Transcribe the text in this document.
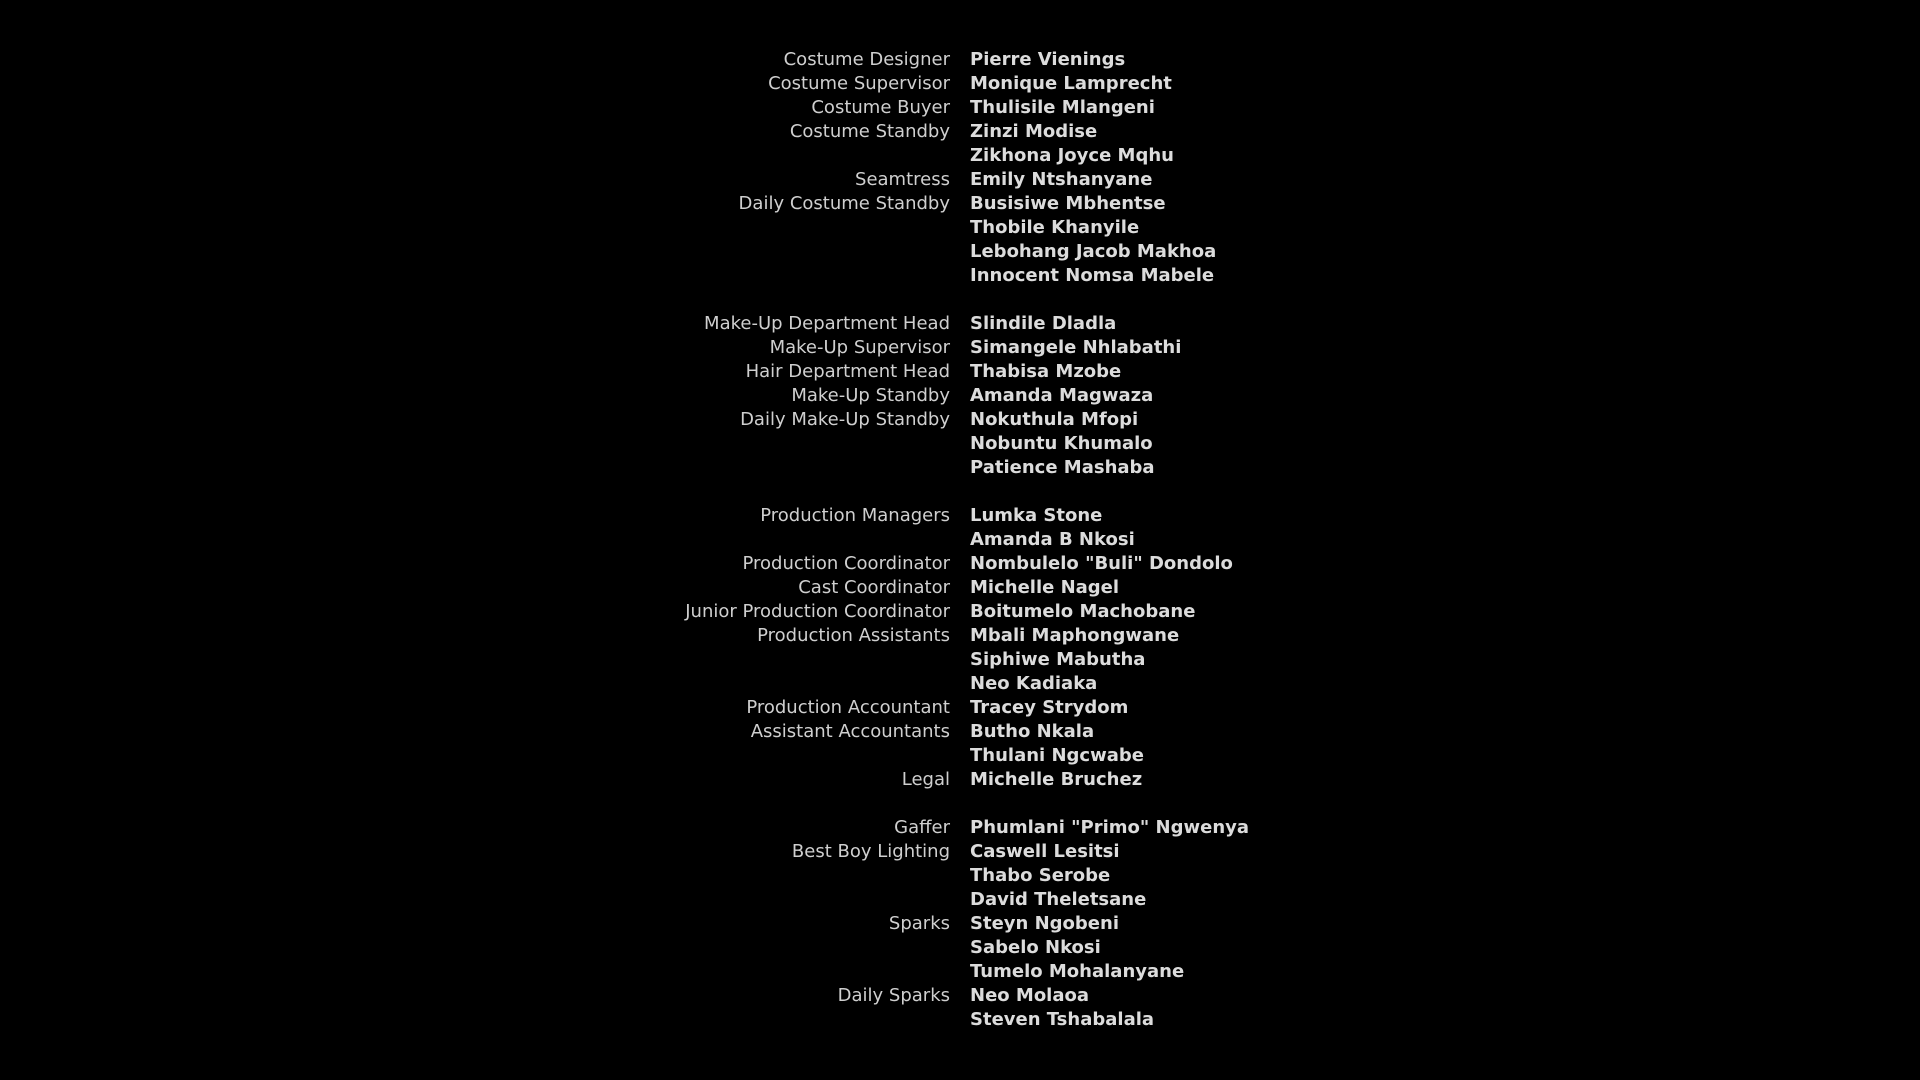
Costume Designer Pierre Vienings
Costume Supervisor Monique Lamprecht
Costume Buyer Thulisile Mlangeni
Costume Standby Zinzi Modise
Zikhona Joyce Mqhu
Seamtress Emily Ntshanyane
Daily Costume Standby Busisiwe Mbhentse
Thobile Khanyile
Lebohang Jacob Makhoa
Innocent Nomsa Mabele
Make-Up Department Head Slindile Dladla
Make-Up Supervisor Simangele Nhlabathi
Hair Department Head Thabisa Mzobe
Make-Up Standby Amanda Magwaza
Daily Make-Up Standby Nokuthula Mfopi
Nobuntu Khumalo
Patience Mashaba
Production Managers Lumka Stone
Amanda B Nkosi
Production Coordinator Nombulelo "Buli" Dondolo
Cast Coordinator Michelle Nagel
Junior Production Coordinator Boitumelo Machobane
Production Assistants Mbali Maphongwane
Siphiwe Mabutha
Neo Kadiaka
Production Accountant Tracey Strydom
Assistant Accountants Butho Nkala
Thulani Ngcwabe
Legal Michelle Bruchez
Gaffer Phumlani "Primo" Ngwenya
Best Boy Lighting Caswell Lesitsi
Thabo Serobe
David Theletsane
Sparks Steyn Ngobeni
Sabelo Nkosi
Tumelo Mohalanyane
Daily Sparks Neo Molaoa
Steven Tshabalala
